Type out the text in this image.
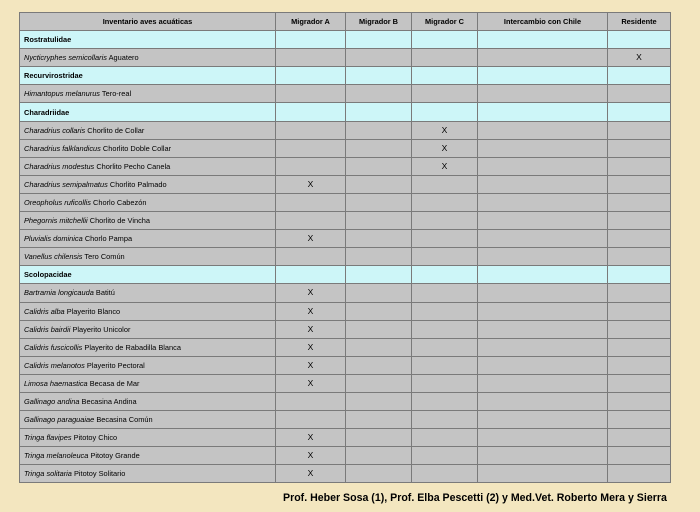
Inventario aves acuáticas	Migrador A	Migrador B	Migrador C	Intercambio con Chile	Residente
Rostratulidae					
Nycticryphes semicollaris Aguatero					X
Recurvirostridae					
Himantopus melanurus Tero-real					
Charadriidae					
Charadrius collaris Chorlito de Collar			X		
Charadrius falklandicus Chorlito Doble Collar			X		
Charadrius modestus Chorlito Pecho Canela			X		
Charadrius semipalmatus Chorlito Palmado	X				
Oreopholus ruficollis Chorlo Cabezón					
Phegornis mitchellii Chorlito de Vincha					
Pluvialis dominica Chorlo Pampa	X				
Vanellus chilensis Tero Común					
Scolopacidae					
Bartramia longicauda Batitú	X				
Calidris alba Playerito Blanco	X				
Calidris bairdii Playerito Unicolor	X				
Calidris fuscicollis Playerito de Rabadilla Blanca	X				
Calidris melanotos Playerito Pectoral	X				
Limosa haemastica Becasa de Mar	X				
Gallinago andina Becasina Andina					
Gallinago paraguaiae Becasina Común					
Tringa flavipes Pitotoy Chico	X				
Tringa melanoleuca Pitotoy Grande	X				
Tringa solitaria Pitotoy Solitario	X				
Prof. Heber Sosa (1), Prof. Elba Pescetti (2) y Med.Vet. Roberto Mera y Sierra
